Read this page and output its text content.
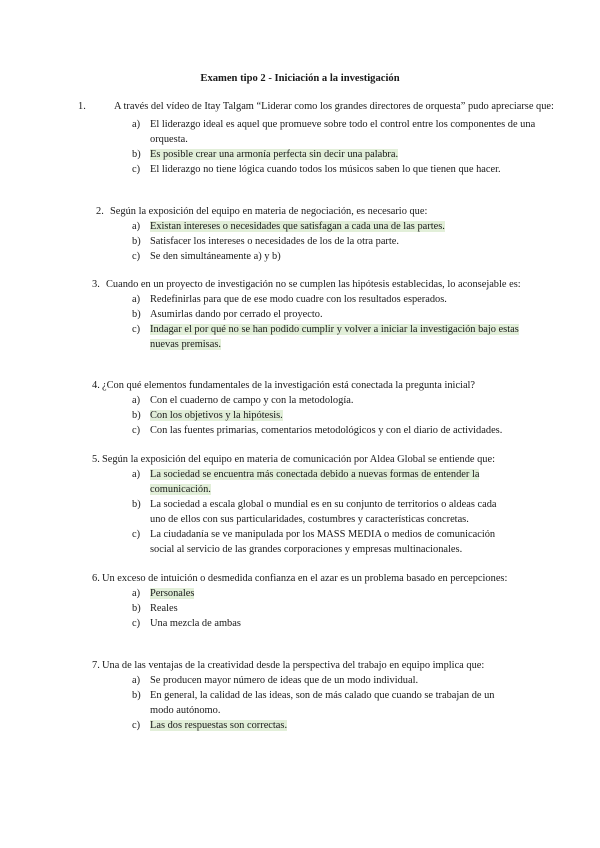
Examen tipo 2 - Iniciación a la investigación

1.	A través del vídeo de Itay Talgam “Liderar como los grandes directores de orquesta” pudo apreciarse que:

a) El liderazgo ideal es aquel que promueve sobre todo el control entre los componentes de una orquesta.
b) Es posible crear una armonía perfecta sin decir una palabra.
c) El liderazgo no tiene lógica cuando todos los músicos saben lo que tienen que hacer.

2. Según la exposición del equipo en materia de negociación, es necesario que:

a) Existan intereses o necesidades que satisfagan a cada una de las partes.
b) Satisfacer los intereses o necesidades de los de la otra parte.
c) Se den simultáneamente a) y b)

3. Cuando en un proyecto de investigación no se cumplen las hipótesis establecidas, lo aconsejable es:

a) Redefinirlas para que de ese modo cuadre con los resultados esperados.
b) Asumirlas dando por cerrado el proyecto.
c) Indagar el por qué no se han podido cumplir y volver a iniciar la investigación bajo estas nuevas premisas.

4. ¿Con qué elementos fundamentales de la investigación está conectada la pregunta inicial?

a) Con el cuaderno de campo y con la metodología.
b) Con los objetivos y la hipótesis.
c) Con las fuentes primarias, comentarios metodológicos y con el diario de actividades.

5. Según la exposición del equipo en materia de comunicación por Aldea Global se entiende que:

a) La sociedad se encuentra más conectada debido a nuevas formas de entender la comunicación.
b) La sociedad a escala global o mundial es en su conjunto de territorios o aldeas cada uno de ellos con sus particularidades, costumbres y características concretas.
c) La ciudadanía se ve manipulada por los MASS MEDIA o medios de comunicación social al servicio de las grandes corporaciones y empresas multinacionales.

6. Un exceso de intuición o desmedida confianza en el azar es un problema basado en percepciones:

a) Personales
b) Reales
c) Una mezcla de ambas

7. Una de las ventajas de la creatividad desde la perspectiva del trabajo en equipo implica que:

a) Se producen mayor número de ideas que de un modo individual.
b) En general, la calidad de las ideas, son de más calado que cuando se trabajan de un modo autónomo.
c) Las dos respuestas son correctas.
